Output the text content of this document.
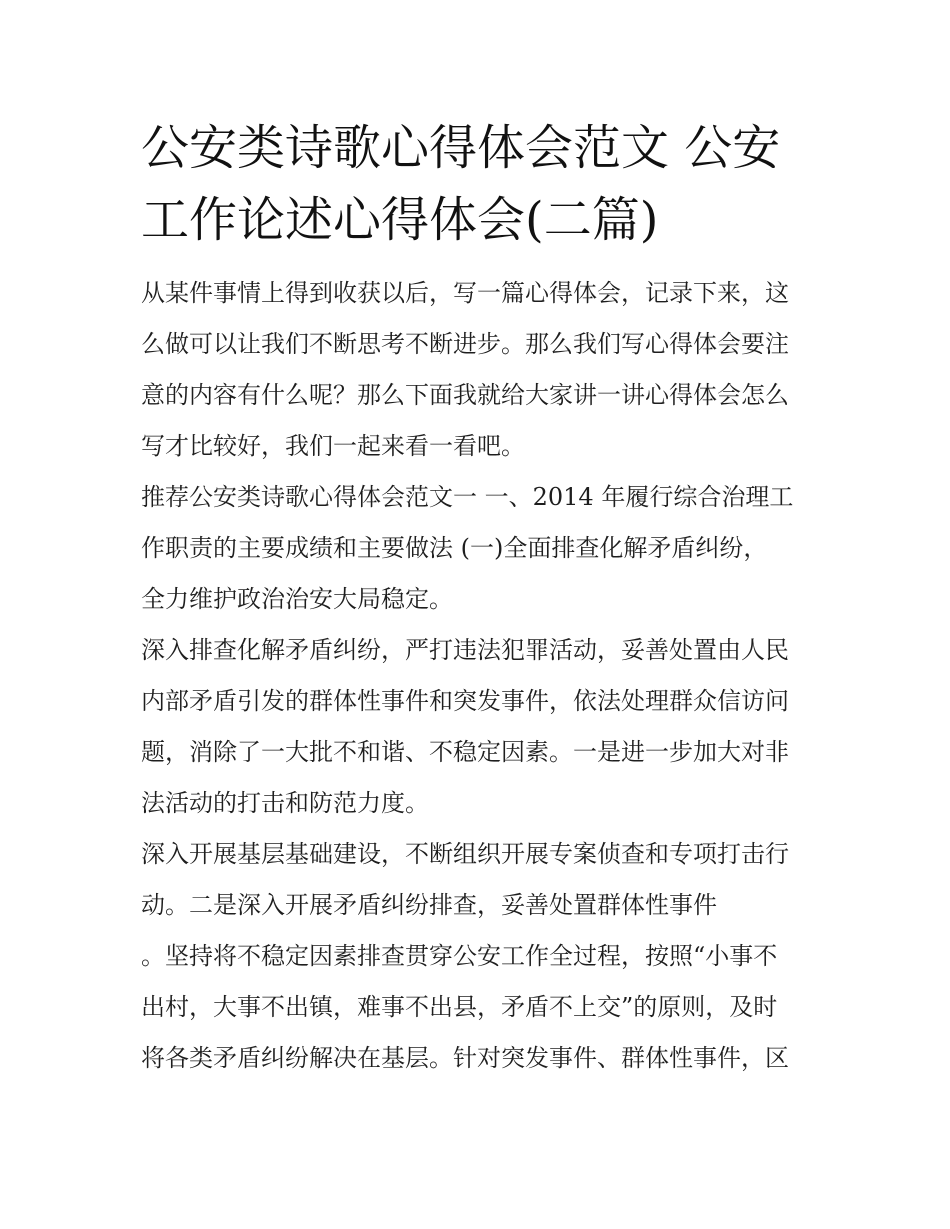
公安类诗歌心得体会范文 公安
工作论述心得体会(二篇)

从某件事情上得到收获以后，写一篇心得体会，记录下来，这
么做可以让我们不断思考不断进步。那么我们写心得体会要注
意的内容有什么呢？那么下面我就给大家讲一讲心得体会怎么
写才比较好，我们一起来看一看吧。

推荐公安类诗歌心得体会范文一 一、2014 年履行综合治理工
作职责的主要成绩和主要做法 (一)全面排查化解矛盾纠纷，
全力维护政治治安大局稳定。

深入排查化解矛盾纠纷，严打违法犯罪活动，妥善处置由人民
内部矛盾引发的群体性事件和突发事件，依法处理群众信访问
题，消除了一大批不和谐、不稳定因素。一是进一步加大对非
法活动的打击和防范力度。

深入开展基层基础建设，不断组织开展专案侦查和专项打击行
动。二是深入开展矛盾纠纷排查，妥善处置群体性事件
。坚持将不稳定因素排查贯穿公安工作全过程，按照“小事不
出村，大事不出镇，难事不出县，矛盾不上交”的原则，及时
将各类矛盾纠纷解决在基层。针对突发事件、群体性事件，区
